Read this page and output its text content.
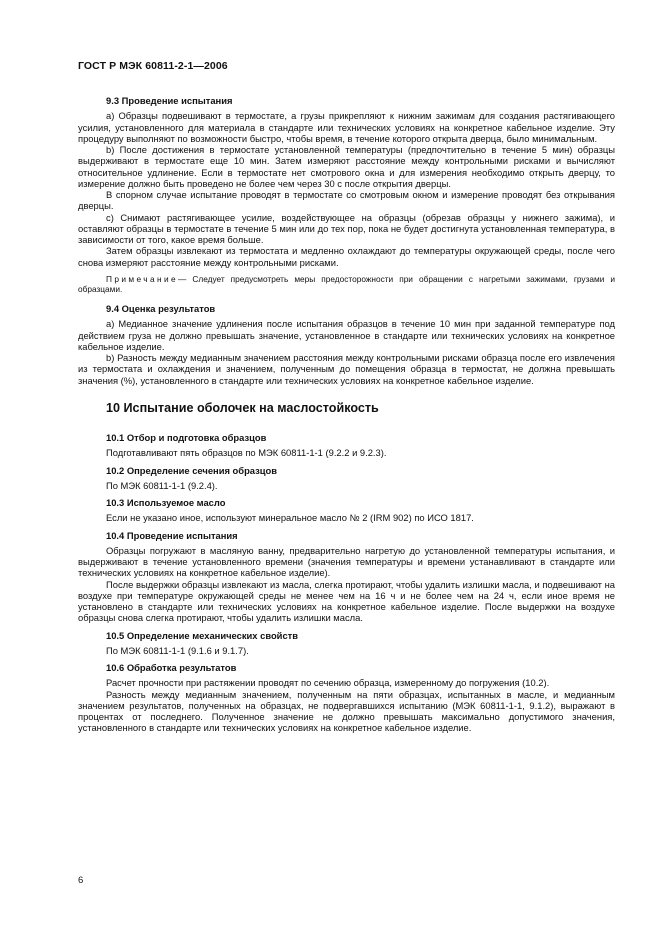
ГОСТ Р МЭК 60811-2-1—2006
9.3 Проведение испытания

a) Образцы подвешивают в термостате, а грузы прикрепляют к нижним зажимам для создания растягивающего усилия, установленного для материала в стандарте или технических условиях на конкретное кабельное изделие. Эту процедуру выполняют по возможности быстро, чтобы время, в течение которого открыта дверца, было минимальным.

b) После достижения в термостате установленной температуры (предпочтительно в течение 5 мин) образцы выдерживают в термостате еще 10 мин. Затем измеряют расстояние между контрольными рисками и вычисляют относительное удлинение. Если в термостате нет смотрового окна и для измерения необходимо открыть дверцу, то измерение должно быть проведено не более чем через 30 с после открытия дверцы.

В спорном случае испытание проводят в термостате со смотровым окном и измерение проводят без открывания дверцы.

c) Снимают растягивающее усилие, воздействующее на образцы (обрезав образцы у нижнего зажима), и оставляют образцы в термостате в течение 5 мин или до тех пор, пока не будет достигнута установленная температура, в зависимости от того, какое время больше.

Затем образцы извлекают из термостата и медленно охлаждают до температуры окружающей среды, после чего снова измеряют расстояние между контрольными рисками.

Примечание— Следует предусмотреть меры предосторожности при обращении с нагретыми зажимами, грузами и образцами.

9.4 Оценка результатов

a) Медианное значение удлинения после испытания образцов в течение 10 мин при заданной температуре под действием груза не должно превышать значение, установленное в стандарте или технических условиях на конкретное кабельное изделие.

b) Разность между медианным значением расстояния между контрольными рисками образца после его извлечения из термостата и охлаждения и значением, полученным до помещения образца в термостат, не должна превышать значения (%), установленного в стандарте или технических условиях на конкретное кабельное изделие.

10 Испытание оболочек на маслостойкость
10.1 Отбор и подготовка образцов

Подготавливают пять образцов по МЭК 60811-1-1 (9.2.2 и 9.2.3).

10.2 Определение сечения образцов

По МЭК 60811-1-1 (9.2.4).

10.3 Используемое масло

Если не указано иное, используют минеральное масло № 2 (IRM 902) по ИСО 1817.

10.4 Проведение испытания

Образцы погружают в масляную ванну, предварительно нагретую до установленной температуры испытания, и выдерживают в течение установленного времени (значения температуры и времени устанавливают в стандарте или технических условиях на конкретное кабельное изделие).

После выдержки образцы извлекают из масла, слегка протирают, чтобы удалить излишки масла, и подвешивают на воздухе при температуре окружающей среды не менее чем на 16 ч и не более чем на 24 ч, если иное время не установлено в стандарте или технических условиях на конкретное кабельное изделие. После выдержки на воздухе образцы снова слегка протирают, чтобы удалить излишки масла.

10.5 Определение механических свойств

По МЭК 60811-1-1 (9.1.6 и 9.1.7).

10.6 Обработка результатов

Расчет прочности при растяжении проводят по сечению образца, измеренному до погружения (10.2).

Разность между медианным значением, полученным на пяти образцах, испытанных в масле, и медианным значением результатов, полученных на образцах, не подвергавшихся испытанию (МЭК 60811-1-1, 9.1.2), выражают в процентах от последнего. Полученное значение не должно превышать максимально допустимого значения, установленного в стандарте или технических условиях на конкретное кабельное изделие.

6
